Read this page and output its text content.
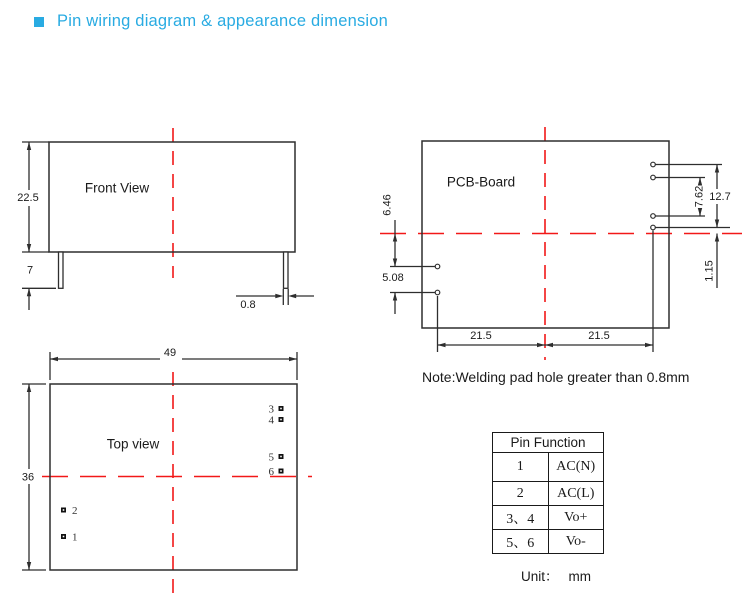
Pin wiring diagram & appearance dimension
Front View
22.5
7
0.8
PCB-Board
12.7
7.62
1.15
6.46
5.08
21.5	21.5
Top view
49
36
3
4
5
6
2
1
Note:Welding pad hole greater than 0.8mm
Pin Function	
1	AC(N)
2	AC(L)
3、4	Vo+
5、6	Vo-
Unit： mm
